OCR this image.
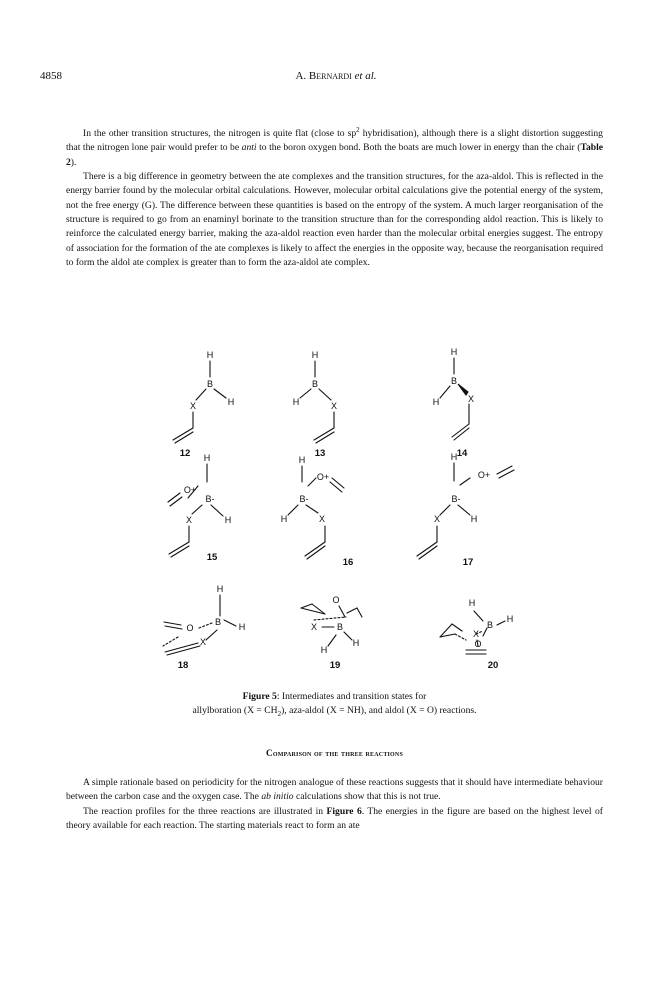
4858	A. Bernardi et al.

In the other transition structures, the nitrogen is quite flat (close to $sp^2$ hybridisation), although there is a slight distortion suggesting that the nitrogen lone pair would prefer to be anti to the boron oxygen bond. Both the boats are much lower in energy than the chair (Table 2).

There is a big difference in geometry between the ate complexes and the transition structures, for the aza-aldol. This is reflected in the energy barrier found by the molecular orbital calculations. However, molecular orbital calculations give the potential energy of the system, not the free energy (G). The difference between these quantities is based on the entropy of the system. A much larger reorganisation of the structure is required to go from an enaminyl borinate to the transition structure than for the corresponding aldol reaction. This is likely to reinforce the calculated energy barrier, making the aza-aldol reaction even harder than the molecular orbital energies suggest. The entropy of association for the formation of the ate complexes is likely to affect the energies in the opposite way, because the reorganisation required to form the aldol ate complex is greater than to form the aza-aldol ate complex.

H
B
H
X
H
B
H	X
H
B
H	X
H
O+
B-
H
X
H
O+
B-
H	X
H
O+
B-
H
X
H
O
B H
X
O
X B
H
H
H
B
H
X
O
12	13	14
15	16	17
18	19	20
Figure 5: Intermediates and transition states for
allylboration $(X = CH_2)$, aza-aldol (X = NH), and aldol (X = O) reactions.
Comparison of the three reactions

A simple rationale based on periodicity for the nitrogen analogue of these reactions suggests that it should have intermediate behaviour between the carbon case and the oxygen case. The ab initio calculations show that this is not true.

The reaction profiles for the three reactions are illustrated in Figure 6. The energies in the figure are based on the highest level of theory available for each reaction. The starting materials react to form an ate
